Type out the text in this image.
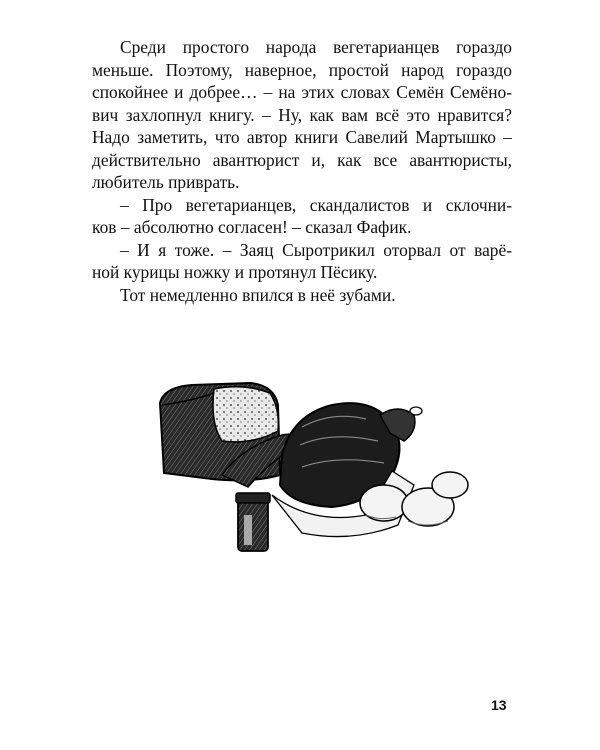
Среди простого народа вегетарианцев гораздо
меньше. Поэтому, наверное, простой народ гораздо
спокойнее и добрее… – на этих словах Семён Семёно-
вич захлопнул книгу. – Ну, как вам всё это нравится?
Надо заметить, что автор книги Савелий Мартышко –
действительно авантюрист и, как все авантюристы,
любитель приврать.
– Про вегетарианцев, скандалистов и склочни-
ков – абсолютно согласен! – сказал Фафик.
– И я тоже. – Заяц Сыротрикил оторвал от варё-
ной курицы ножку и протянул Пёсику.
Тот немедленно впился в неё зубами.
13
